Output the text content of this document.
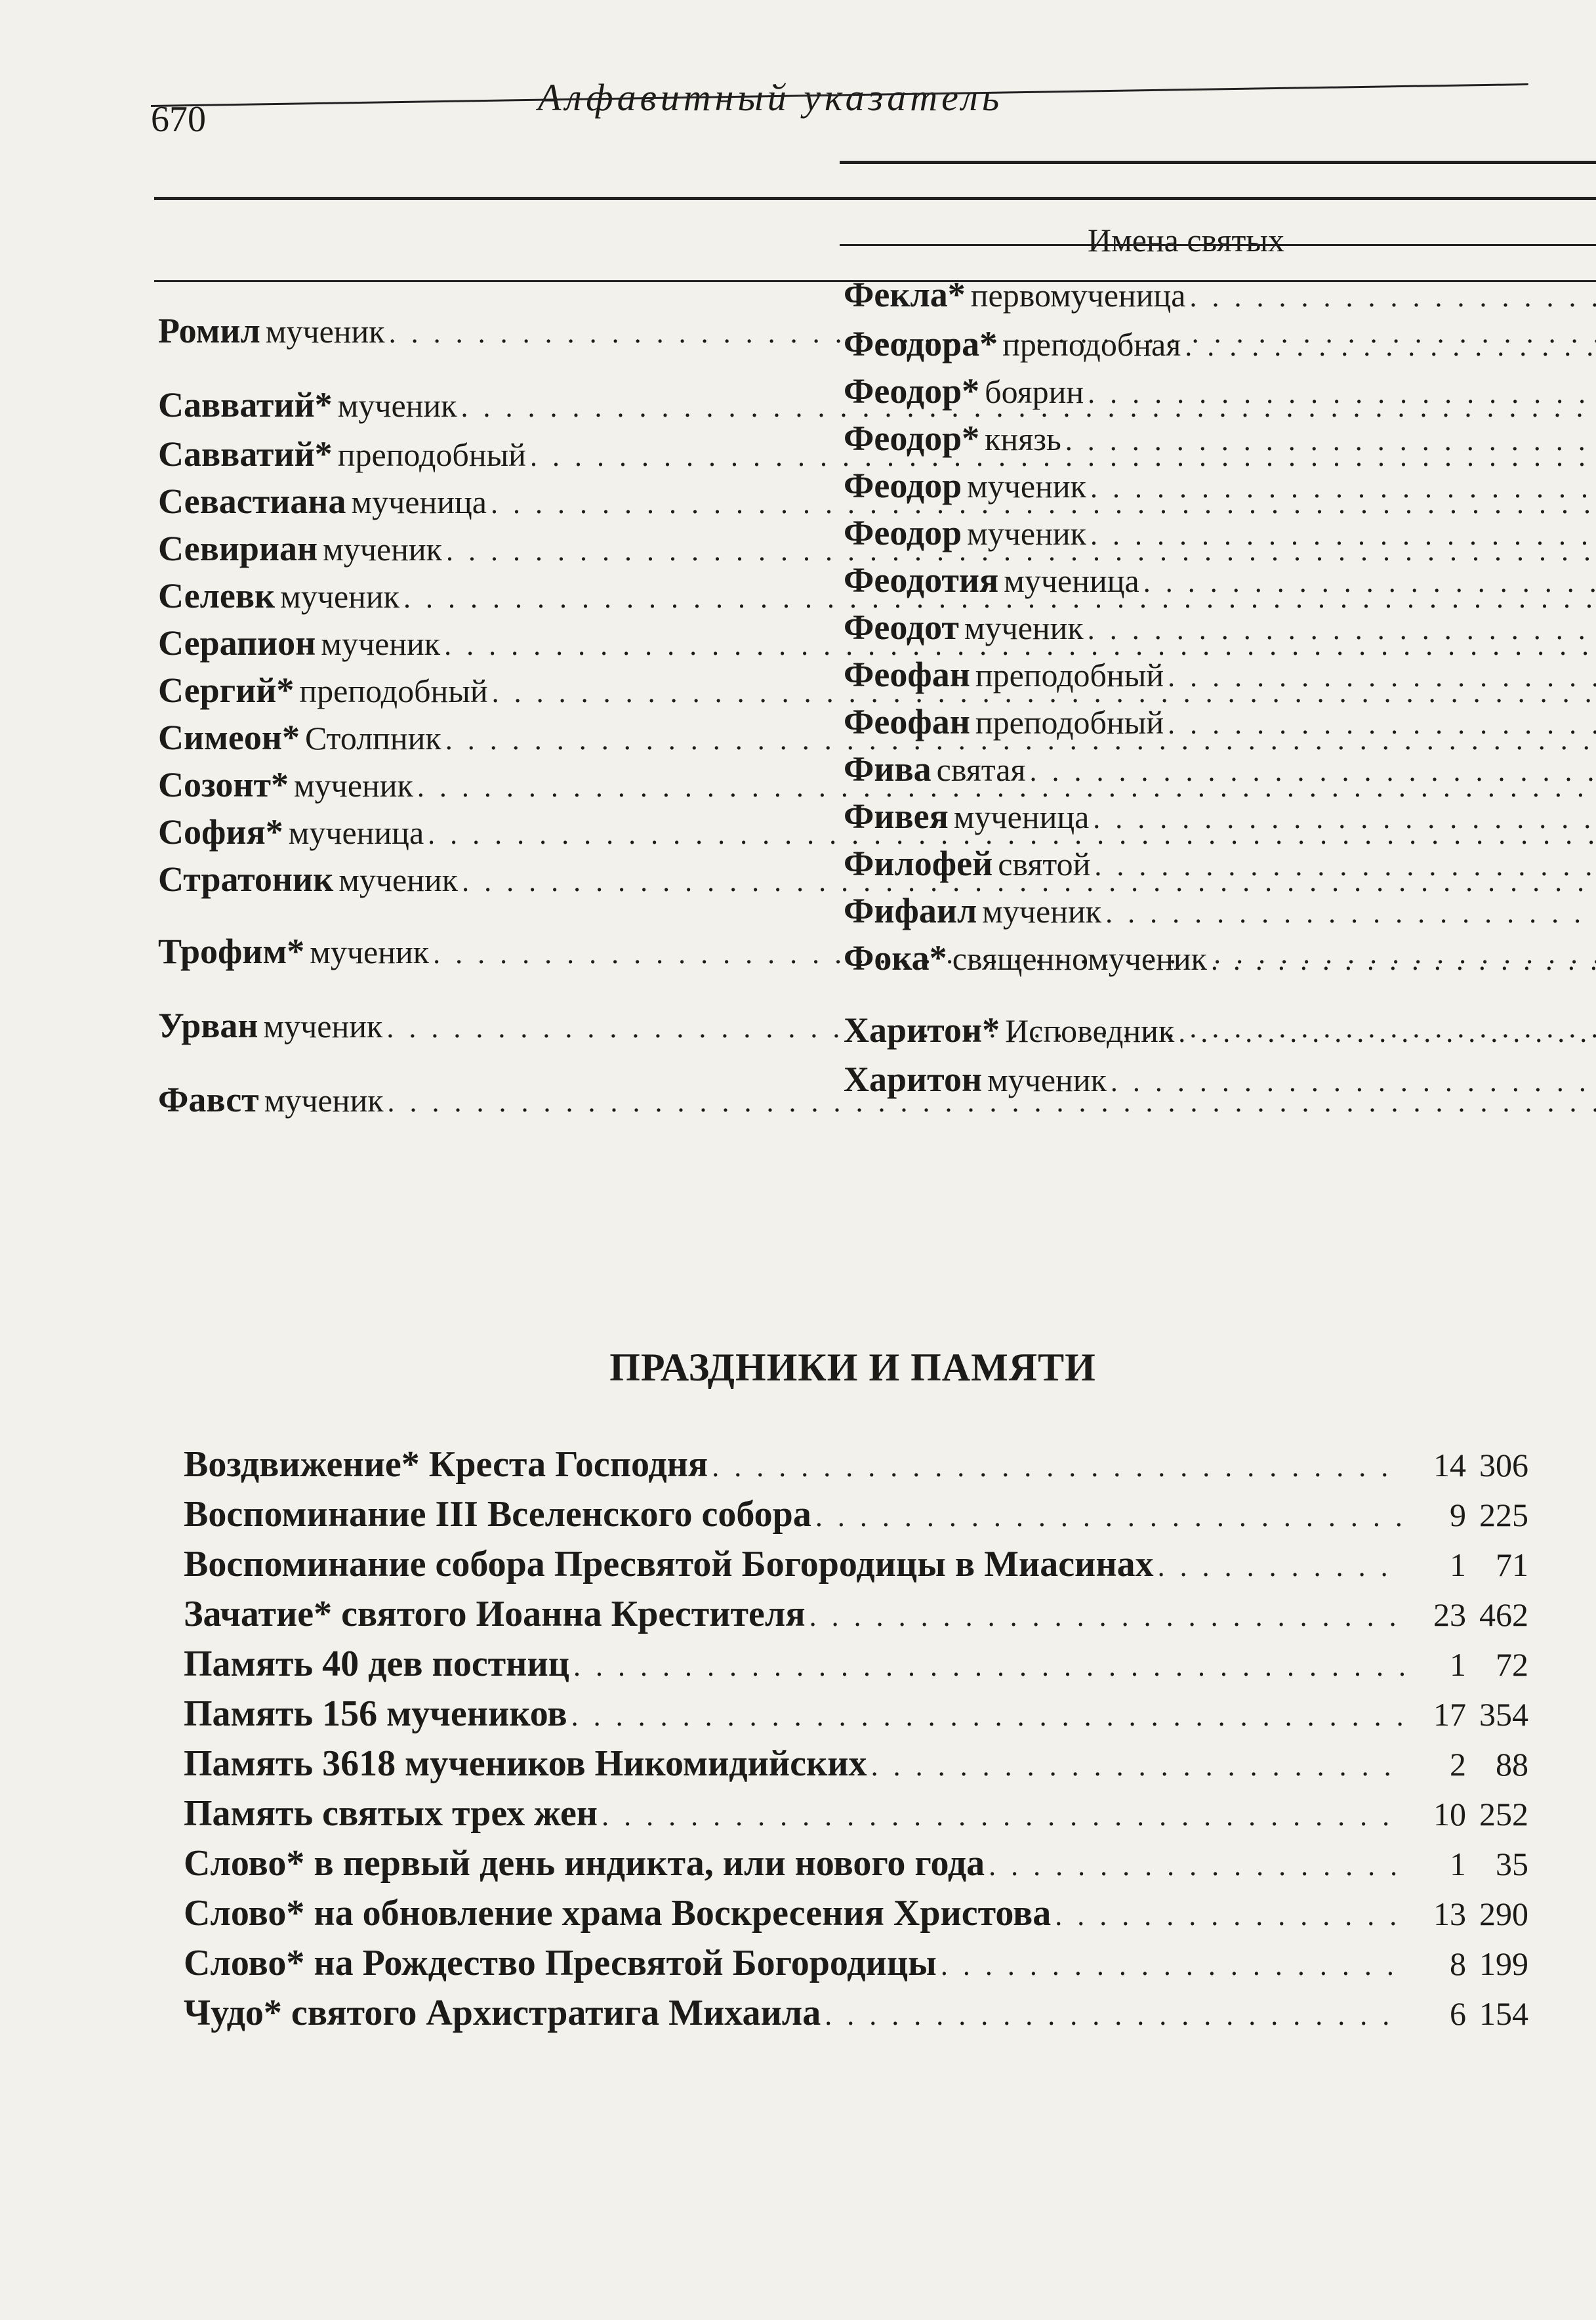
670
Алфавитный указатель
Имена святых		

Ромил мученик
. . .

Савватий* мученик
. . .

Савватий* преподобный
. . .

Севастиана мученица
. . .

Севириан мученик
. . .

Селевк мученик
. . .

Серапион мученик
. . .

Сергий* преподобный
. . .

Симеон* Столпник
. . .

Созонт* мученик
. . .

София* мученица
. . .

Стратоник мученик
. . .

Трофим* мученик
. . .

Урван мученик
. . .

Фавст мученик
. . .

Фекла* первомученица
. . .

Феодора* преподобная
. . .

Феодор* боярин
. . .

Феодор* князь
. . .

Феодор мученик
. . .

Феодор мученик
. . .

Феодотия мученица
. . .

Феодот мученик
. . .

Феофан преподобный
. . .

Феофан преподобный
. . .

Фива святая
. . .

Фивея мученица
. . .

Филофей святой
. . .

Фифаил мученик
. . .

Фока* священномученик
. . .

Харитон* Исповедник
. . .

Харитон мученик
. . .

ПРАЗДНИКИ И ПАМЯТИ
Воздвижение* Креста Господня . . .	14 306
Воспоминание III Вселенского собора . . .	9 225
Воспоминание собора Пресвятой Богородицы в Миасинах . . .	1 71
Зачатие* святого Иоанна Крестителя . . .	23 462
Память 40 дев постниц . . .	1 72
Память 156 мучеников . . .	17 354
Память 3618 мучеников Никомидийских . . .	2 88
Память святых трех жен . . .	10 252
Слово* в первый день индикта, или нового года . . .	1 35
Слово* на обновление храма Воскресения Христова . . .	13 290
Слово* на Рождество Пресвятой Богородицы . . .	8 199
Чудо* святого Архистратига Михаила . . .	6 154
